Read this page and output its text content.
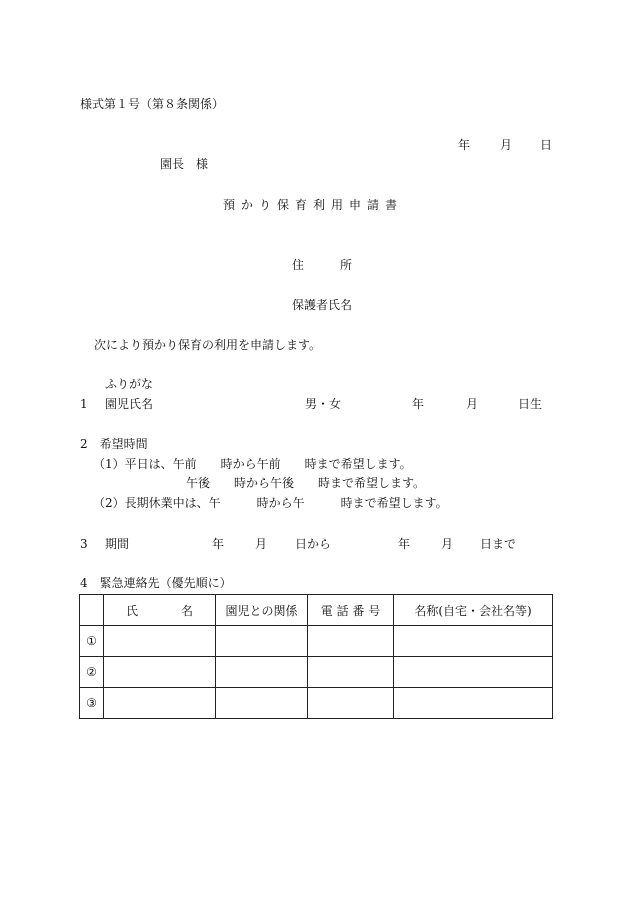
様式第１号（第８条関係）
年 月 日
園長　様
預かり保育利用申請書
住　　　所
保護者氏名
次により預かり保育の利用を申請します。
ふりがな
1 園児氏名	男・女	年	月	日生
2　希望時間
（1）平日は、午前　　時から午前　　時まで希望します。
午後　　時から午後　　時まで希望します。
（2）長期休業中は、午　　　時から午　　　時まで希望します。
3 期間	年	月 日から	年	月 日まで
4　緊急連絡先（優先順に）

	氏 名	園児との関係	電 話 番 号	名称(自宅・会社名等)
①				
②				
③				
